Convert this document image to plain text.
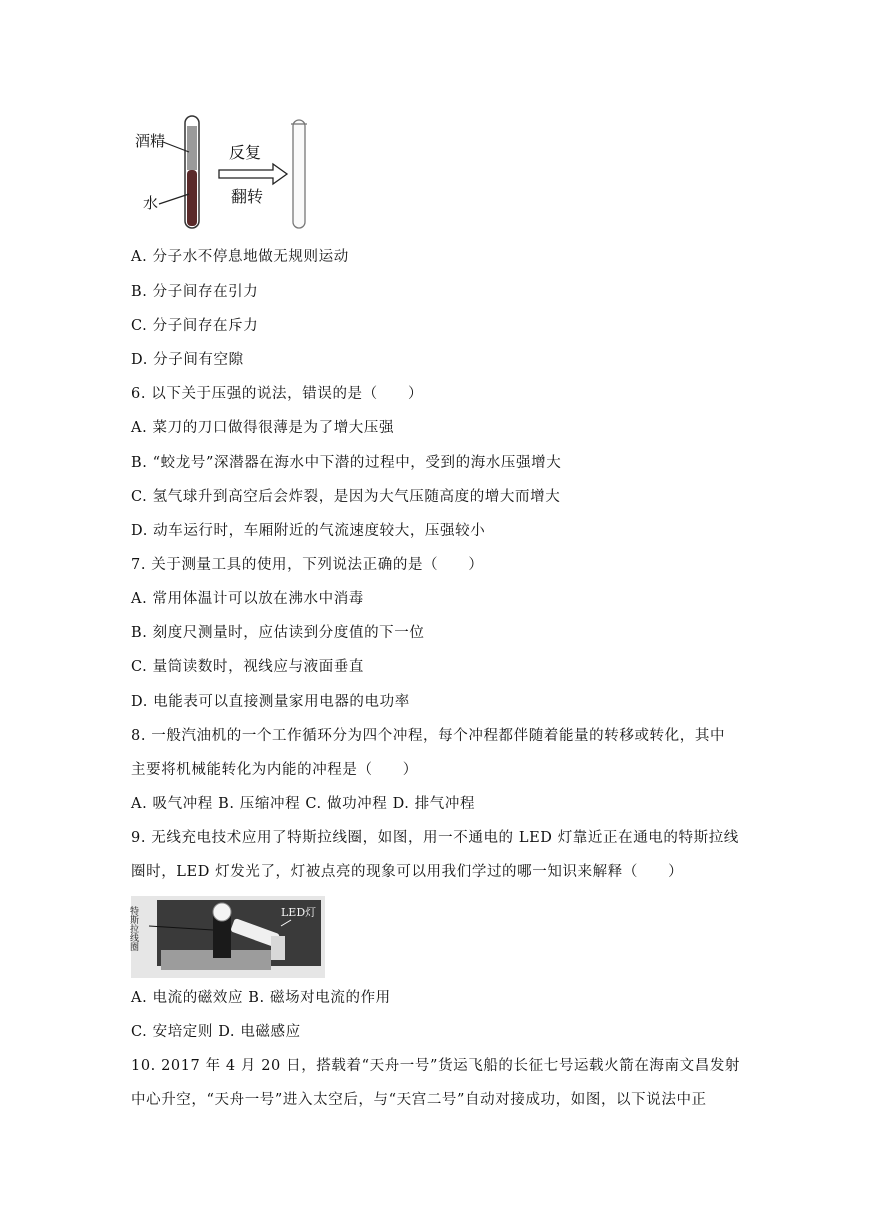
酒精
水
反复
翻转
A. 分子水不停息地做无规则运动
B. 分子间存在引力
C. 分子间存在斥力
D. 分子间有空隙
6. 以下关于压强的说法，错误的是（　　）
A. 菜刀的刀口做得很薄是为了增大压强
B. “蛟龙号”深潜器在海水中下潜的过程中，受到的海水压强增大
C. 氢气球升到高空后会炸裂，是因为大气压随高度的增大而增大
D. 动车运行时，车厢附近的气流速度较大，压强较小
7. 关于测量工具的使用，下列说法正确的是（　　）
A. 常用体温计可以放在沸水中消毒
B. 刻度尺测量时，应估读到分度值的下一位
C. 量筒读数时，视线应与液面垂直
D. 电能表可以直接测量家用电器的电功率
8. 一般汽油机的一个工作循环分为四个冲程，每个冲程都伴随着能量的转移或转化，其中
主要将机械能转化为内能的冲程是（　　）
A. 吸气冲程 B. 压缩冲程 C. 做功冲程 D. 排气冲程
9. 无线充电技术应用了特斯拉线圈，如图，用一不通电的 LED 灯靠近正在通电的特斯拉线
圈时，LED 灯发光了，灯被点亮的现象可以用我们学过的哪一知识来解释（　　）
特斯拉线圈	LED灯
A. 电流的磁效应 B. 磁场对电流的作用
C. 安培定则 D. 电磁感应
10. 2017 年 4 月 20 日，搭载着“天舟一号”货运飞船的长征七号运载火箭在海南文昌发射
中心升空，“天舟一号”进入太空后，与“天宫二号”自动对接成功，如图，以下说法中正
